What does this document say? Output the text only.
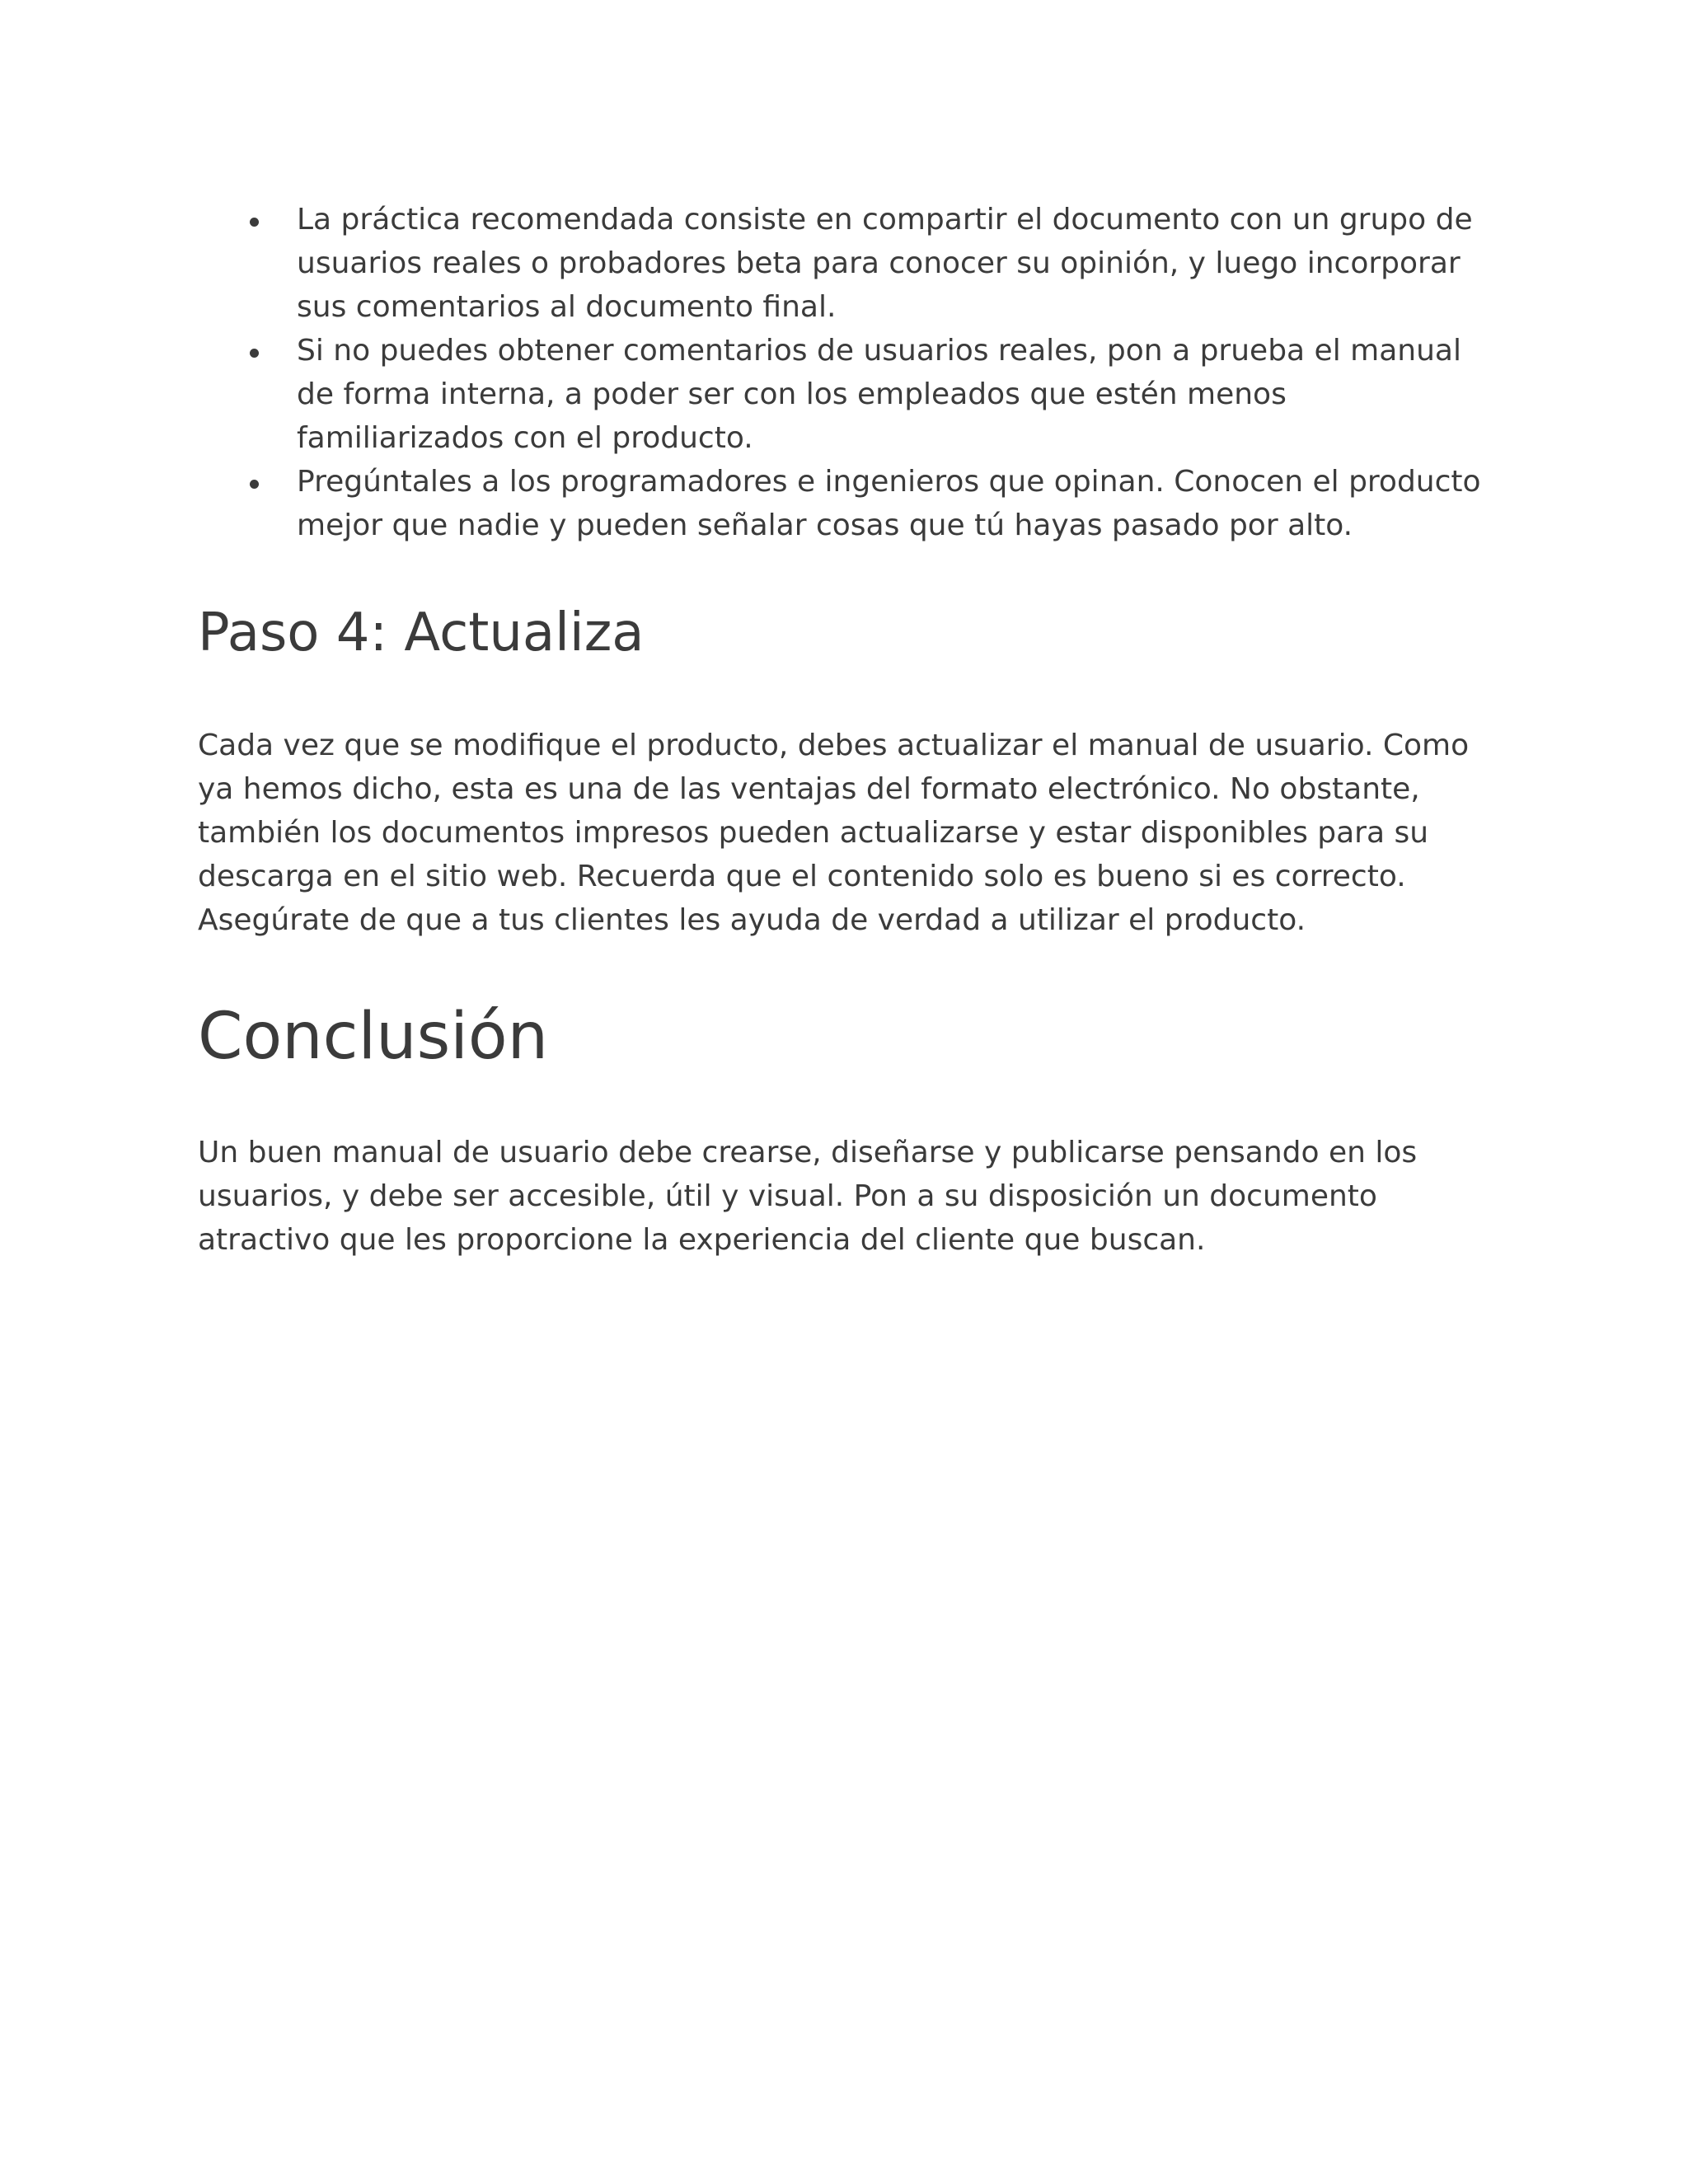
La práctica recomendada consiste en compartir el documento con un grupo de usuarios reales o probadores beta para conocer su opinión, y luego incorporar sus comentarios al documento final.
Si no puedes obtener comentarios de usuarios reales, pon a prueba el manual de forma interna, a poder ser con los empleados que estén menos familiarizados con el producto.
Pregúntales a los programadores e ingenieros que opinan. Conocen el producto mejor que nadie y pueden señalar cosas que tú hayas pasado por alto.
Paso 4: Actualiza

Cada vez que se modifique el producto, debes actualizar el manual de usuario. Como ya hemos dicho, esta es una de las ventajas del formato electrónico. No obstante, también los documentos impresos pueden actualizarse y estar disponibles para su descarga en el sitio web. Recuerda que el contenido solo es bueno si es correcto. Asegúrate de que a tus clientes les ayuda de verdad a utilizar el producto.

Conclusión

Un buen manual de usuario debe crearse, diseñarse y publicarse pensando en los usuarios, y debe ser accesible, útil y visual. Pon a su disposición un documento atractivo que les proporcione la experiencia del cliente que buscan.
